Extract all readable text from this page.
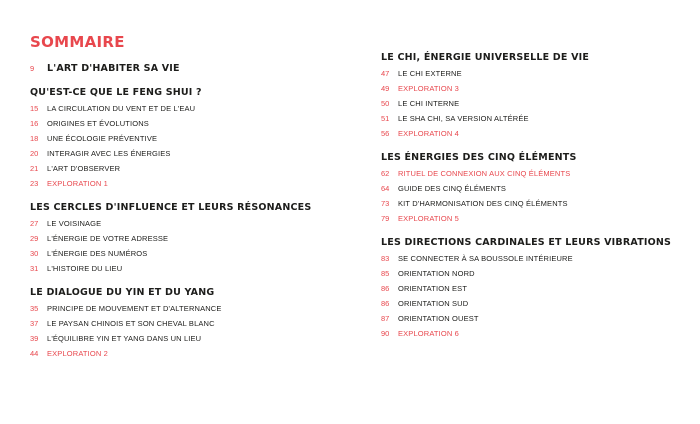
SOMMAIRE
9	L'ART D'HABITER SA VIE
QU'EST-CE QUE LE FENG SHUI ?
15	LA CIRCULATION DU VENT ET DE L'EAU
16	ORIGINES ET ÉVOLUTIONS
18	UNE ÉCOLOGIE PRÉVENTIVE
20	INTERAGIR AVEC LES ÉNERGIES
21	L'ART D'OBSERVER
23	EXPLORATION 1
LES CERCLES D'INFLUENCE ET LEURS RÉSONANCES
27	LE VOISINAGE
29	L'ÉNERGIE DE VOTRE ADRESSE
30	L'ÉNERGIE DES NUMÉROS
31	L'HISTOIRE DU LIEU
LE DIALOGUE DU YIN ET DU YANG
35	PRINCIPE DE MOUVEMENT ET D'ALTERNANCE
37	LE PAYSAN CHINOIS ET SON CHEVAL BLANC
39	L'ÉQUILIBRE YIN ET YANG DANS UN LIEU
44	EXPLORATION 2
LE CHI, ÉNERGIE UNIVERSELLE DE VIE
47	LE CHI EXTERNE
49	EXPLORATION 3
50	LE CHI INTERNE
51	LE SHA CHI, SA VERSION ALTÉRÉE
56	EXPLORATION 4
LES ÉNERGIES DES CINQ ÉLÉMENTS
62	RITUEL DE CONNEXION AUX CINQ ÉLÉMENTS
64	GUIDE DES CINQ ÉLÉMENTS
73	KIT D'HARMONISATION DES CINQ ÉLÉMENTS
79	EXPLORATION 5
LES DIRECTIONS CARDINALES ET LEURS VIBRATIONS
83	SE CONNECTER À SA BOUSSOLE INTÉRIEURE
85	ORIENTATION NORD
86	ORIENTATION EST
86	ORIENTATION SUD
87	ORIENTATION OUEST
90	EXPLORATION 6
